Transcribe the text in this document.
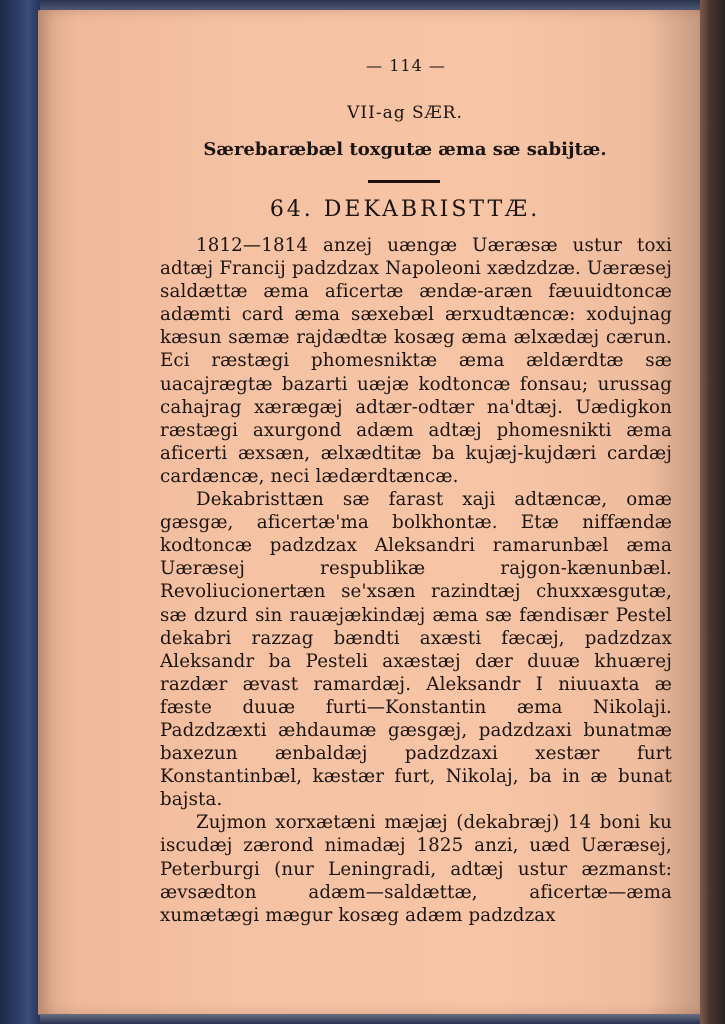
— 114 —
VII-ag SÆR.
Særebaræbæl toxgutæ æma sæ sabijtæ.
64. DEKABRISTTÆ.

1812—1814 anzej uængæ Uæræsæ ustur toxi adtæj Francij padzdzax Napoleoni xædzdzæ. Uæræsej saldættæ æma aficertæ ændæ-aræn fæuuidtoncæ adæmti card æma sæxebæl ærxudtæncæ: xodujnag kæsun sæmæ rajdædtæ kosæg æma ælxædæj cærun. Eci ræstægi phomesniktæ æma ældærdtæ sæ uacajrægtæ bazarti uæjæ kodtoncæ fonsau; urussag cahajrag xærægæj adtær-odtær na'dtæj. Uædigkon ræstægi axurgond adæm adtæj phomesnikti æma aficerti æxsæn, ælxædtitæ ba kujæj-kujdæri cardæj cardæncæ, neci lædærdtæncæ.

Dekabristtæn sæ farast xaji adtæncæ, omæ gæsgæ, aficertæ'ma bolkhontæ. Etæ niffændæ kodtoncæ padzdzax Aleksandri ramarunbæl æma Uæræsej respublikæ rajgon-kænunbæl. Revoliucionertæn se'xsæn razindtæj chuxxæsgutæ, sæ dzurd sin rauæjækindæj æma sæ fændisær Pestel dekabri razzag bændti axæsti fæcæj, padzdzax Aleksandr ba Pesteli axæstæj dær duuæ khuærej razdær ævast ramardæj. Aleksandr I niuuaxta æ fæste duuæ furti—Konstantin æma Nikolaji. Padzdzæxti æhdaumæ gæsgæj, padzdzaxi bunatmæ baxezun ænbaldæj padzdzaxi xestær furt Konstantinbæl, kæstær furt, Nikolaj, ba in æ bunat bajsta.

Zujmon xorxætæni mæjæj (dekabræj) 14 boni ku iscudæj zærond nimadæj 1825 anzi, uæd Uæræsej, Peterburgi (nur Leningradi, adtæj ustur æzmanst: ævsædton adæm—saldættæ, aficertæ—æma xumætægi mægur kosæg adæm padzdzax
